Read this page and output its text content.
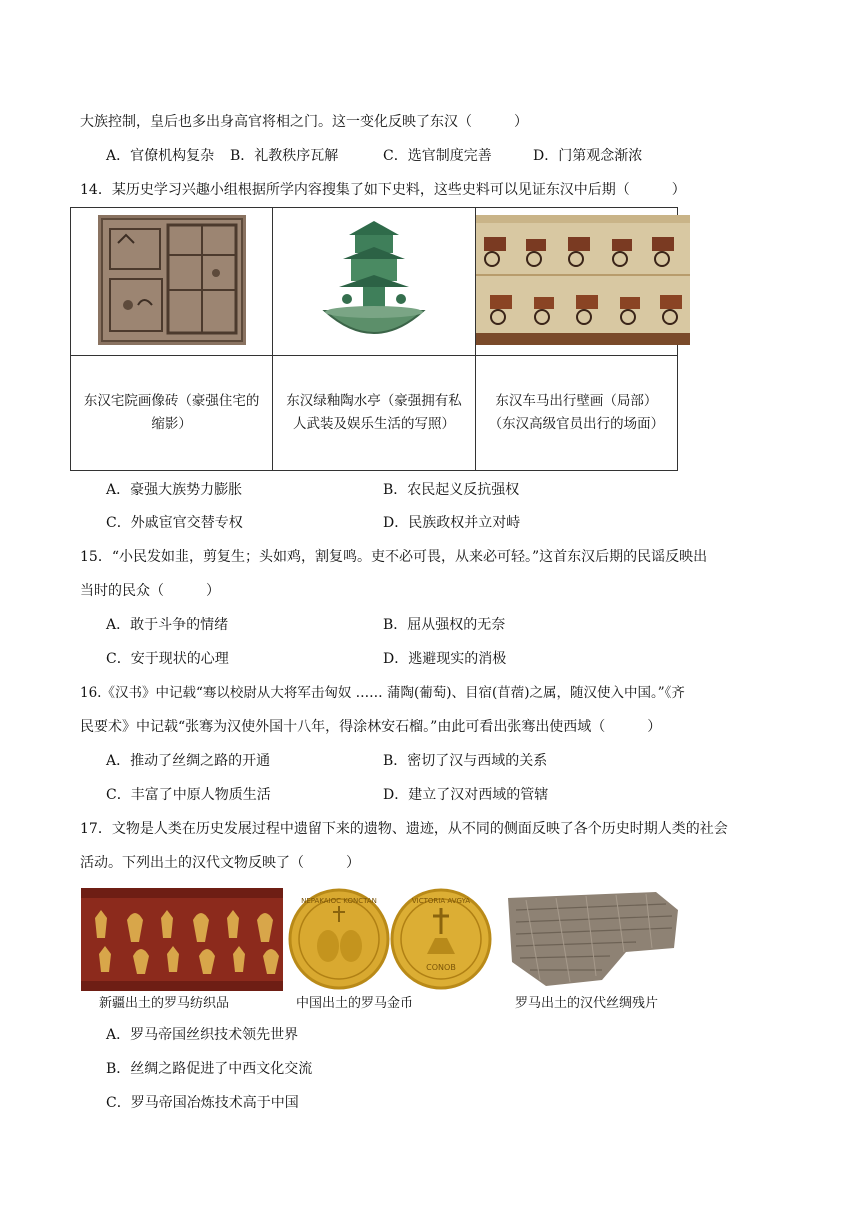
大族控制，皇后也多出身高官将相之门。这一变化反映了东汉（　　　）
A．官僚机构复杂 B．礼教秩序瓦解	C．选官制度完善	D．门第观念渐浓
14．某历史学习兴趣小组根据所学内容搜集了如下史料，这些史料可以见证东汉中后期（　　　）

东汉宅院画像砖（豪强住宅的缩影）	东汉绿釉陶水亭（豪强拥有私人武装及娱乐生活的写照）	东汉车马出行壁画（局部）（东汉高级官员出行的场面）
A．豪强大族势力膨胀	B．农民起义反抗强权
C．外戚宦官交替专权	D．民族政权并立对峙
15．“小民发如韭，剪复生；头如鸡，割复鸣。吏不必可畏，从来必可轻。”这首东汉后期的民谣反映出
当时的民众（　　　）
A．敢于斗争的情绪	B．屈从强权的无奈
C．安于现状的心理	D．逃避现实的消极
16.《汉书》中记载“骞以校尉从大将军击匈奴 …… 蒲陶(葡萄)、目宿(苜蓿)之属，随汉使入中国。”《齐
民要术》中记载“张骞为汉使外国十八年，得涂林安石榴。”由此可看出张骞出使西域（　　　）
A．推动了丝绸之路的开通	B．密切了汉与西域的关系
C．丰富了中原人物质生活	D．建立了汉对西域的管辖
17．文物是人类在历史发展过程中遗留下来的遗物、遗迹，从不同的侧面反映了各个历史时期人类的社会
活动。下列出土的汉代文物反映了（　　　）
NEPAKAIOC KONCTAN	VICTORIA AVGYA
CONOB
新疆出土的罗马纺织品	中国出土的罗马金币	罗马出土的汉代丝绸残片
A．罗马帝国丝织技术领先世界
B．丝绸之路促进了中西文化交流
C．罗马帝国冶炼技术高于中国
